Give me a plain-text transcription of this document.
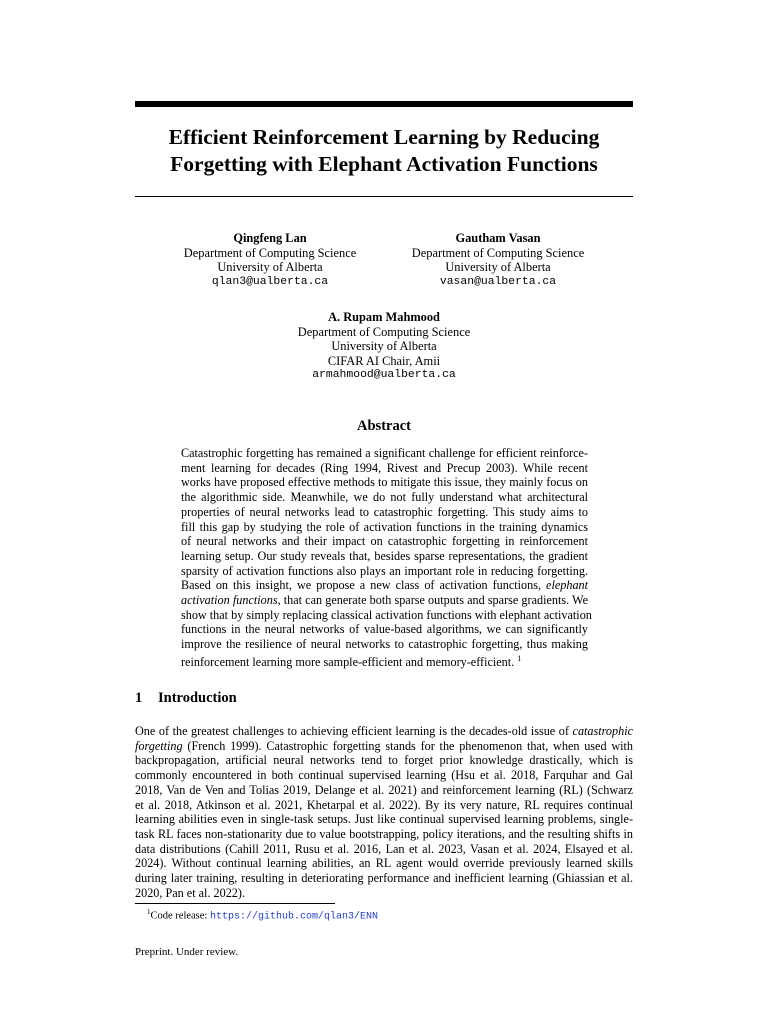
Efficient Reinforcement Learning by Reducing
Forgetting with Elephant Activation Functions
Qingfeng Lan
Department of Computing Science
University of Alberta
qlan3@ualberta.ca
Gautham Vasan
Department of Computing Science
University of Alberta
vasan@ualberta.ca
A. Rupam Mahmood
Department of Computing Science
University of Alberta
CIFAR AI Chair, Amii
armahmood@ualberta.ca
Abstract
Catastrophic forgetting has remained a significant challenge for efficient reinforce-
ment learning for decades (Ring 1994, Rivest and Precup 2003). While recent
works have proposed effective methods to mitigate this issue, they mainly focus on
the algorithmic side. Meanwhile, we do not fully understand what architectural
properties of neural networks lead to catastrophic forgetting. This study aims to
fill this gap by studying the role of activation functions in the training dynamics
of neural networks and their impact on catastrophic forgetting in reinforcement
learning setup. Our study reveals that, besides sparse representations, the gradient
sparsity of activation functions also plays an important role in reducing forgetting.
Based on this insight, we propose a new class of activation functions, elephant
activation functions, that can generate both sparse outputs and sparse gradients. We
show that by simply replacing classical activation functions with elephant activation
functions in the neural networks of value-based algorithms, we can significantly
improve the resilience of neural networks to catastrophic forgetting, thus making
reinforcement learning more sample-efficient and memory-efficient. $^1$
1 Introduction
One of the greatest challenges to achieving efficient learning is the decades-old issue of catastrophic
forgetting (French 1999). Catastrophic forgetting stands for the phenomenon that, when used with
backpropagation, artificial neural networks tend to forget prior knowledge drastically, which is
commonly encountered in both continual supervised learning (Hsu et al. 2018, Farquhar and Gal
2018, Van de Ven and Tolias 2019, Delange et al. 2021) and reinforcement learning (RL) (Schwarz
et al. 2018, Atkinson et al. 2021, Khetarpal et al. 2022). By its very nature, RL requires continual
learning abilities even in single-task setups. Just like continual supervised learning problems, single-
task RL faces non-stationarity due to value bootstrapping, policy iterations, and the resulting shifts in
data distributions (Cahill 2011, Rusu et al. 2016, Lan et al. 2023, Vasan et al. 2024, Elsayed et al.
2024). Without continual learning abilities, an RL agent would override previously learned skills
during later training, resulting in deteriorating performance and inefficient learning (Ghiassian et al.
2020, Pan et al. 2022).
$^1$Code release: https://github.com/qlan3/ENN
Preprint. Under review.
